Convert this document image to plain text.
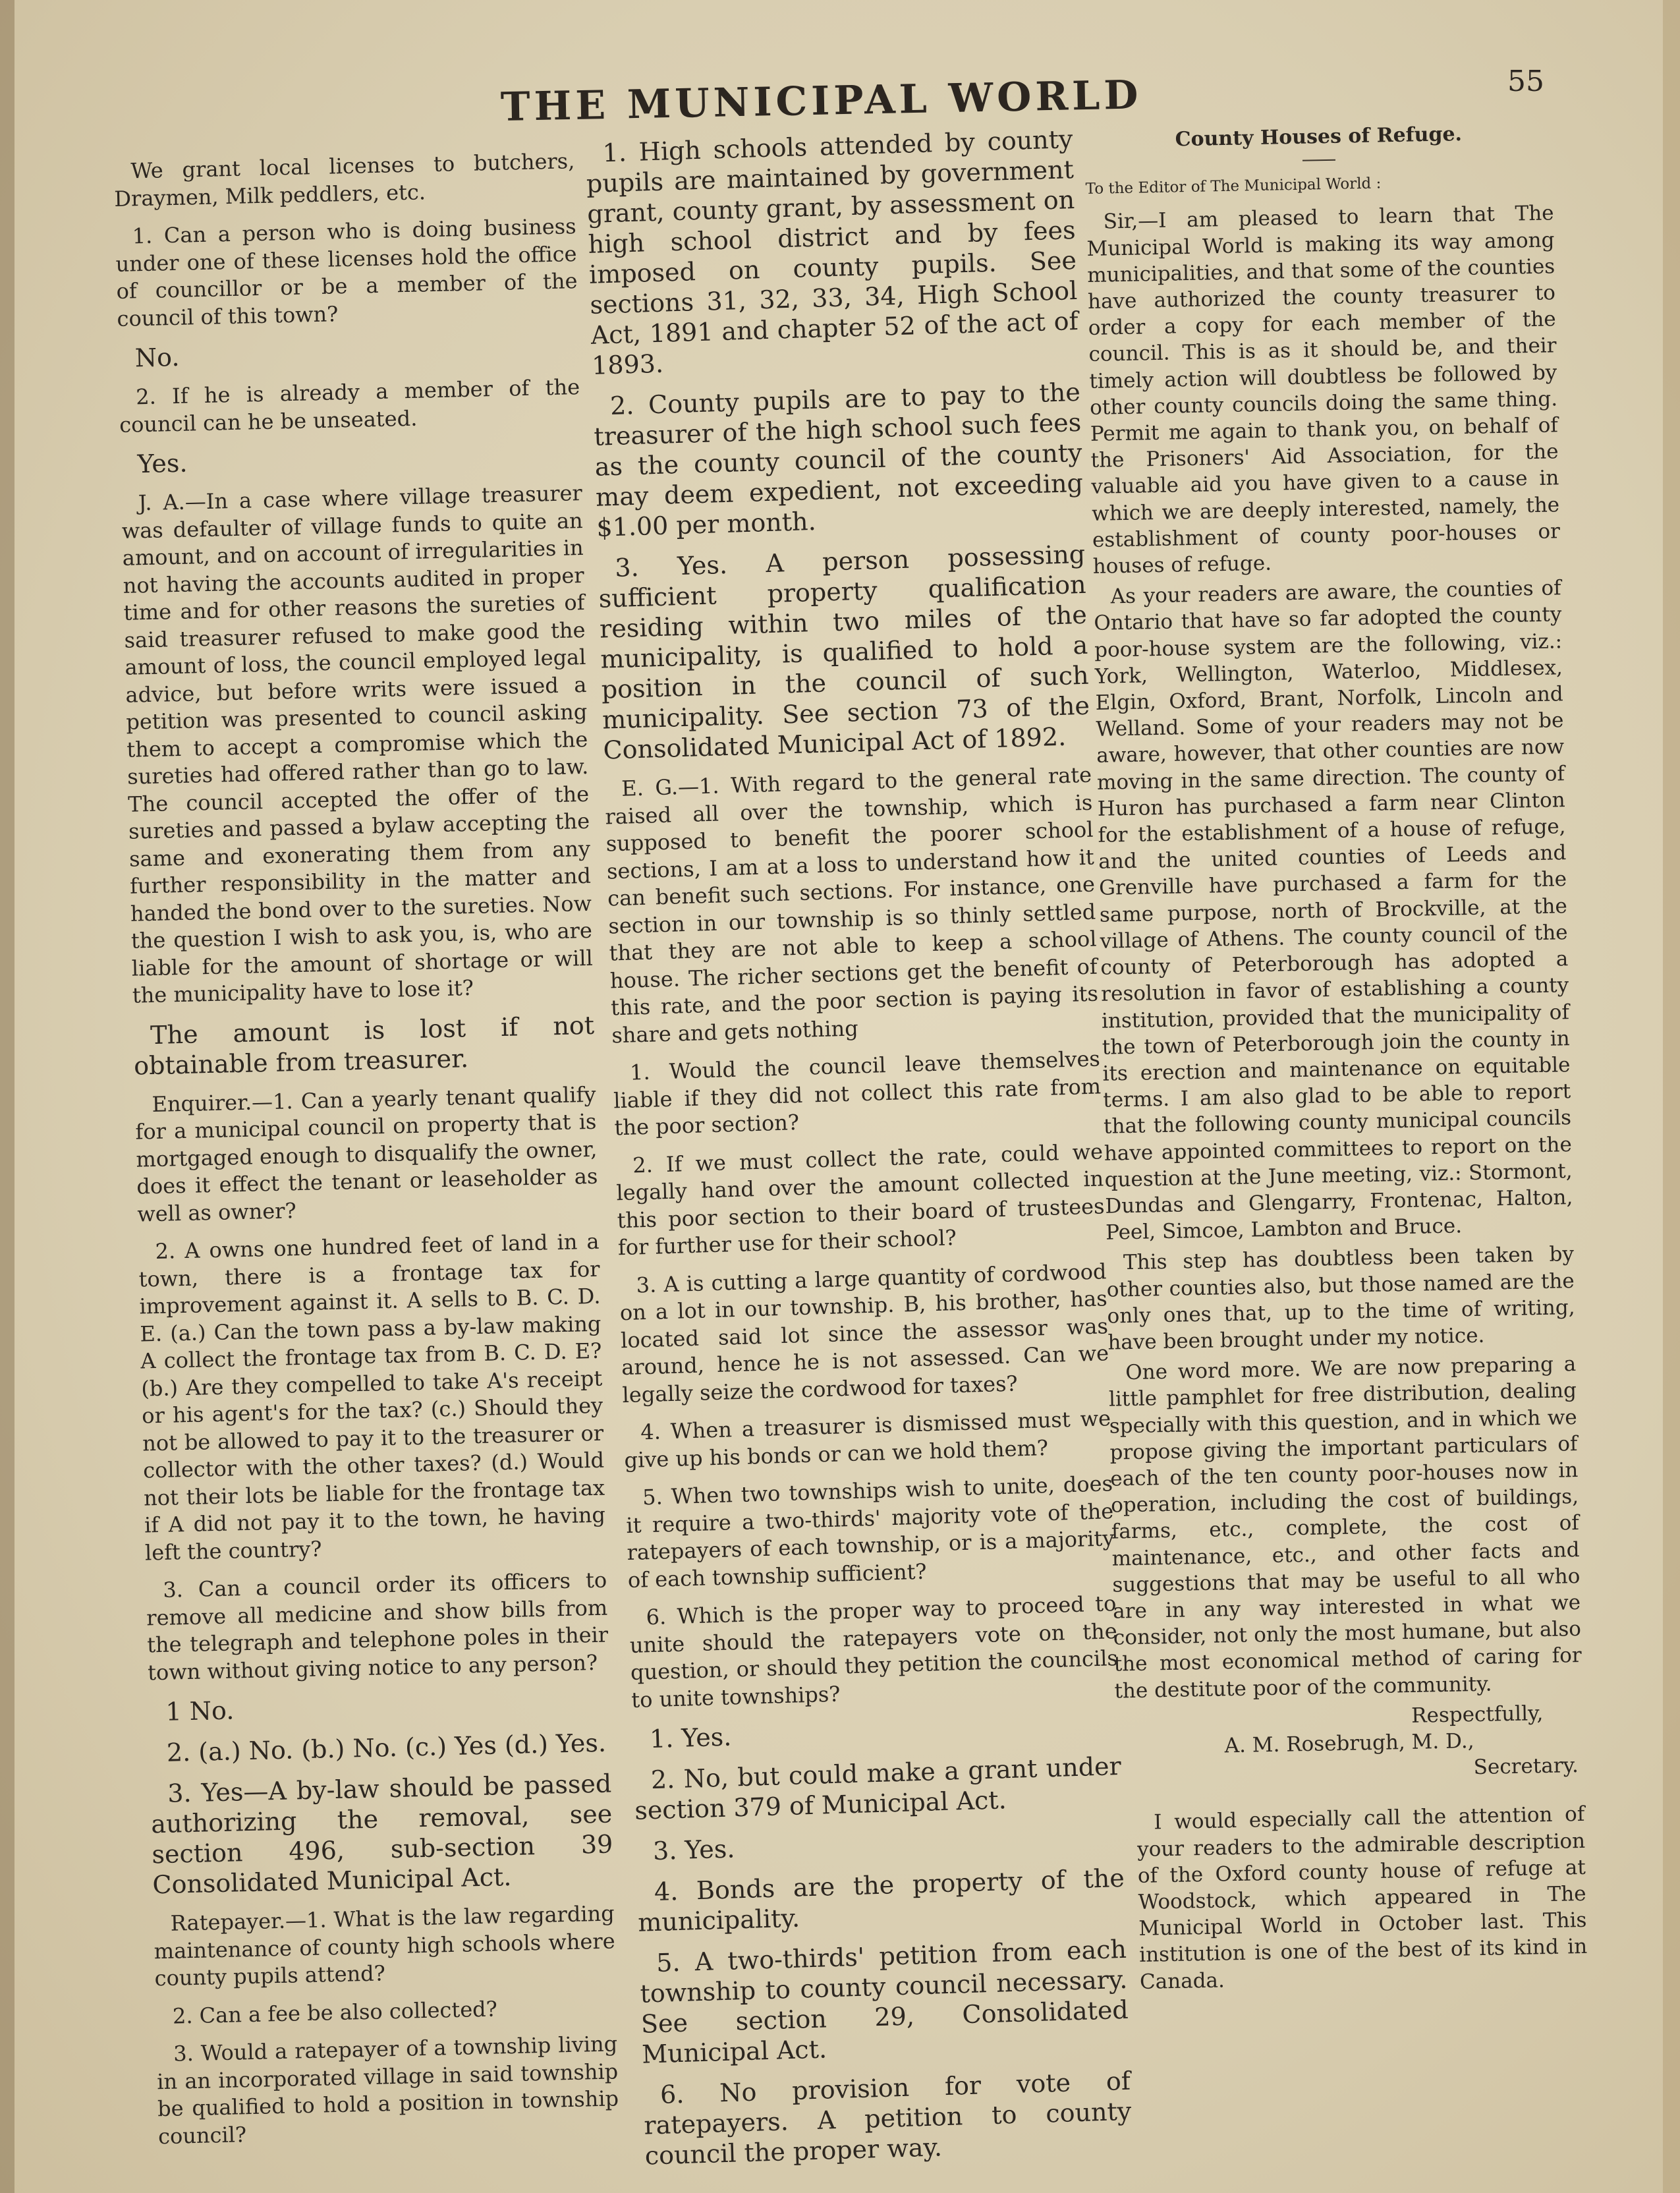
55
THE MUNICIPAL WORLD

We grant local licenses to butchers, Draymen, Milk peddlers, etc.

1. Can a person who is doing business under one of these licenses hold the office of councillor or be a member of the council of this town?

No.

2. If he is already a member of the council can he be unseated.

Yes.

J. A.—In a case where village treasurer was defaulter of village funds to quite an amount, and on account of irregularities in not having the accounts audited in proper time and for other reasons the sureties of said treasurer refused to make good the amount of loss, the council employed legal advice, but before writs were issued a petition was presented to council asking them to accept a compromise which the sureties had offered rather than go to law. The council accepted the offer of the sureties and passed a bylaw accepting the same and exonerating them from any further responsibility in the matter and handed the bond over to the sureties. Now the question I wish to ask you, is, who are liable for the amount of shortage or will the municipality have to lose it?

The amount is lost if not obtainable from treasurer.

Enquirer.—1. Can a yearly tenant qualify for a municipal council on property that is mortgaged enough to disqualify the owner, does it effect the tenant or leaseholder as well as owner?

2. A owns one hundred feet of land in a town, there is a frontage tax for improvement against it. A sells to B. C. D. E. (a.) Can the town pass a by-law making A collect the frontage tax from B. C. D. E? (b.) Are they compelled to take A's receipt or his agent's for the tax? (c.) Should they not be allowed to pay it to the treasurer or collector with the other taxes? (d.) Would not their lots be liable for the frontage tax if A did not pay it to the town, he having left the country?

3. Can a council order its officers to remove all medicine and show bills from the telegraph and telephone poles in their town without giving notice to any person?

1 No.

2. (a.) No. (b.) No. (c.) Yes (d.) Yes.

3. Yes—A by-law should be passed authorizing the removal, see section 496, sub-section 39 Consolidated Municipal Act.

Ratepayer.—1. What is the law regarding maintenance of county high schools where county pupils attend?

2. Can a fee be also collected?

3. Would a ratepayer of a township living in an incorporated village in said township be qualified to hold a position in township council?

1. High schools attended by county pupils are maintained by government grant, county grant, by assessment on high school district and by fees imposed on county pupils. See sections 31, 32, 33, 34, High School Act, 1891 and chapter 52 of the act of 1893.

2. County pupils are to pay to the treasurer of the high school such fees as the county council of the county may deem expedient, not exceeding $1.00 per month.

3. Yes. A person possessing sufficient property qualification residing within two miles of the municipality, is qualified to hold a position in the council of such municipality. See section 73 of the Consolidated Municipal Act of 1892.

E. G.—1. With regard to the general rate raised all over the township, which is supposed to benefit the poorer school sections, I am at a loss to understand how it can benefit such sections. For instance, one section in our township is so thinly settled that they are not able to keep a school house. The richer sections get the benefit of this rate, and the poor section is paying its share and gets nothing

1. Would the council leave themselves liable if they did not collect this rate from the poor section?

2. If we must collect the rate, could we legally hand over the amount collected in this poor section to their board of trustees for further use for their school?

3. A is cutting a large quantity of cordwood on a lot in our township. B, his brother, has located said lot since the assessor was around, hence he is not assessed. Can we legally seize the cordwood for taxes?

4. When a treasurer is dismissed must we give up his bonds or can we hold them?

5. When two townships wish to unite, does it require a two-thirds' majority vote of the ratepayers of each township, or is a majority of each township sufficient?

6. Which is the proper way to proceed to unite should the ratepayers vote on the question, or should they petition the councils to unite townships?

1. Yes.

2. No, but could make a grant under section 379 of Municipal Act.

3. Yes.

4. Bonds are the property of the municipality.

5. A two-thirds' petition from each township to county council necessary. See section 29, Consolidated Municipal Act.

6. No provision for vote of ratepayers. A petition to county council the proper way.

County Houses of Refuge.

To the Editor of The Municipal World :

Sir,—I am pleased to learn that The Municipal World is making its way among municipalities, and that some of the counties have authorized the county treasurer to order a copy for each member of the council. This is as it should be, and their timely action will doubtless be followed by other county councils doing the same thing. Permit me again to thank you, on behalf of the Prisoners' Aid Association, for the valuable aid you have given to a cause in which we are deeply interested, namely, the establishment of county poor-houses or houses of refuge.

As your readers are aware, the counties of Ontario that have so far adopted the county poor-house system are the following, viz.: York, Wellington, Waterloo, Middlesex, Elgin, Oxford, Brant, Norfolk, Lincoln and Welland. Some of your readers may not be aware, however, that other counties are now moving in the same direction. The county of Huron has purchased a farm near Clinton for the establishment of a house of refuge, and the united counties of Leeds and Grenville have purchased a farm for the same purpose, north of Brockville, at the village of Athens. The county council of the county of Peterborough has adopted a resolution in favor of establishing a county institution, provided that the municipality of the town of Peterborough join the county in its erection and maintenance on equitable terms. I am also glad to be able to report that the following county municipal councils have appointed committees to report on the question at the June meeting, viz.: Stormont, Dundas and Glengarry, Frontenac, Halton, Peel, Simcoe, Lambton and Bruce.

This step has doubtless been taken by other counties also, but those named are the only ones that, up to the time of writing, have been brought under my notice.

One word more. We are now preparing a little pamphlet for free distribution, dealing specially with this question, and in which we propose giving the important particulars of each of the ten county poor-houses now in operation, including the cost of buildings, farms, etc., complete, the cost of maintenance, etc., and other facts and suggestions that may be useful to all who are in any way interested in what we consider, not only the most humane, but also the most economical method of caring for the destitute poor of the community.

Respectfully,

A. M. Rosebrugh, M. D.,

Secretary.

I would especially call the attention of your readers to the admirable description of the Oxford county house of refuge at Woodstock, which appeared in The Municipal World in October last. This institution is one of the best of its kind in Canada.
